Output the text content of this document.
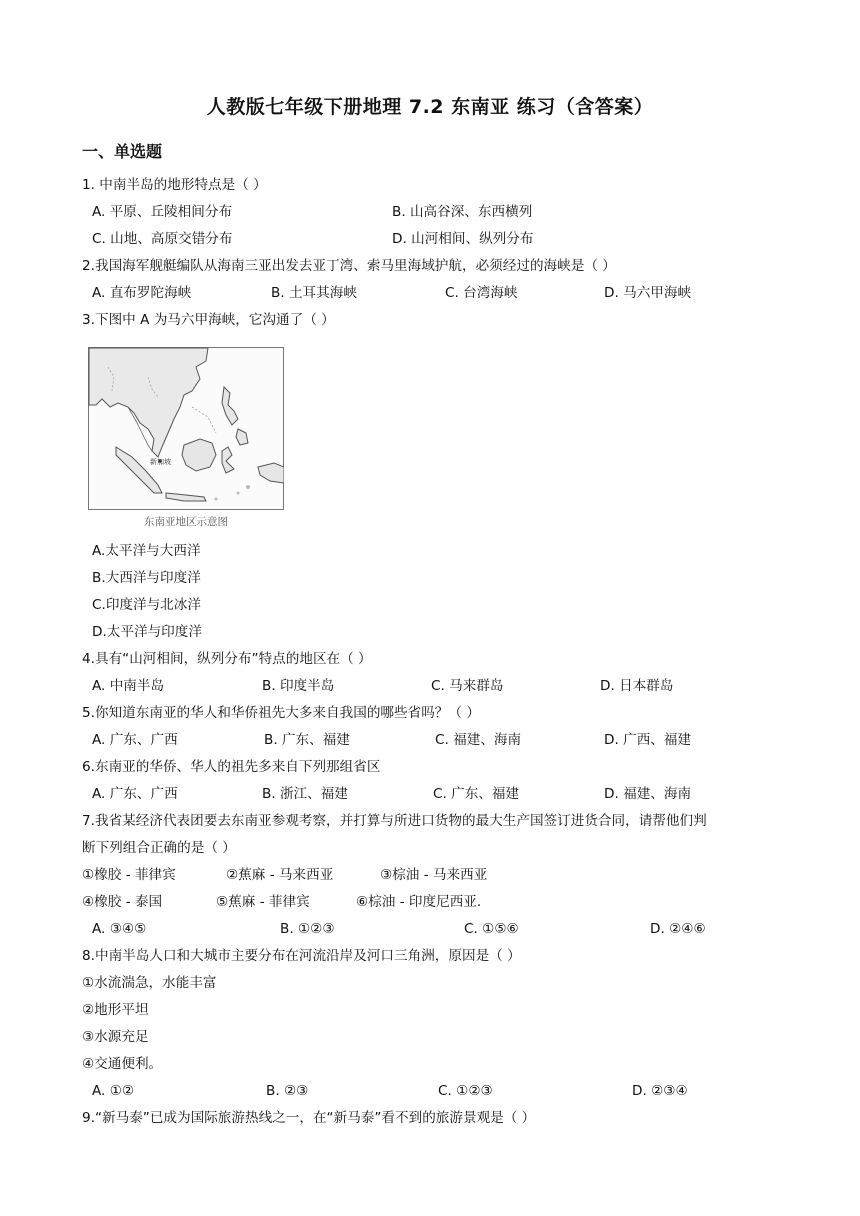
人教版七年级下册地理 7.2 东南亚 练习（含答案）
一、单选题
1. 中南半岛的地形特点是（ ）
A. 平原、丘陵相间分布	B. 山高谷深、东西横列
C. 山地、高原交错分布	D. 山河相间、纵列分布
2.我国海军舰艇编队从海南三亚出发去亚丁湾、索马里海域护航，必须经过的海峡是（ ）
A. 直布罗陀海峡	B. 土耳其海峡	C. 台湾海峡	D. 马六甲海峡
3.下图中 A 为马六甲海峡，它沟通了（ ）
新加坡
东南亚地区示意图
A.太平洋与大西洋
B.大西洋与印度洋
C.印度洋与北冰洋
D.太平洋与印度洋
4.具有“山河相间，纵列分布”特点的地区在（ ）
A. 中南半岛	B. 印度半岛	C. 马来群岛	D. 日本群岛
5.你知道东南亚的华人和华侨祖先大多来自我国的哪些省吗？（ ）
A. 广东、广西	B. 广东、福建	C. 福建、海南	D. 广西、福建
6.东南亚的华侨、华人的祖先多来自下列那组省区
A. 广东、广西	B. 浙江、福建	C. 广东、福建	D. 福建、海南
7.我省某经济代表团要去东南亚参观考察，并打算与所进口货物的最大生产国签订进货合同，请帮他们判
断下列组合正确的是（ ）
①橡胶 - 菲律宾	②蕉麻 - 马来西亚	③棕油 - 马来西亚
④橡胶 - 泰国	⑤蕉麻 - 菲律宾	⑥棕油 - 印度尼西亚.
A. ③④⑤	B. ①②③	C. ①⑤⑥	D. ②④⑥
8.中南半岛人口和大城市主要分布在河流沿岸及河口三角洲，原因是（ ）
①水流湍急，水能丰富
②地形平坦
③水源充足
④交通便利。
A. ①②	B. ②③	C. ①②③	D. ②③④
9.“新马泰”已成为国际旅游热线之一，在“新马泰”看不到的旅游景观是（ ）
